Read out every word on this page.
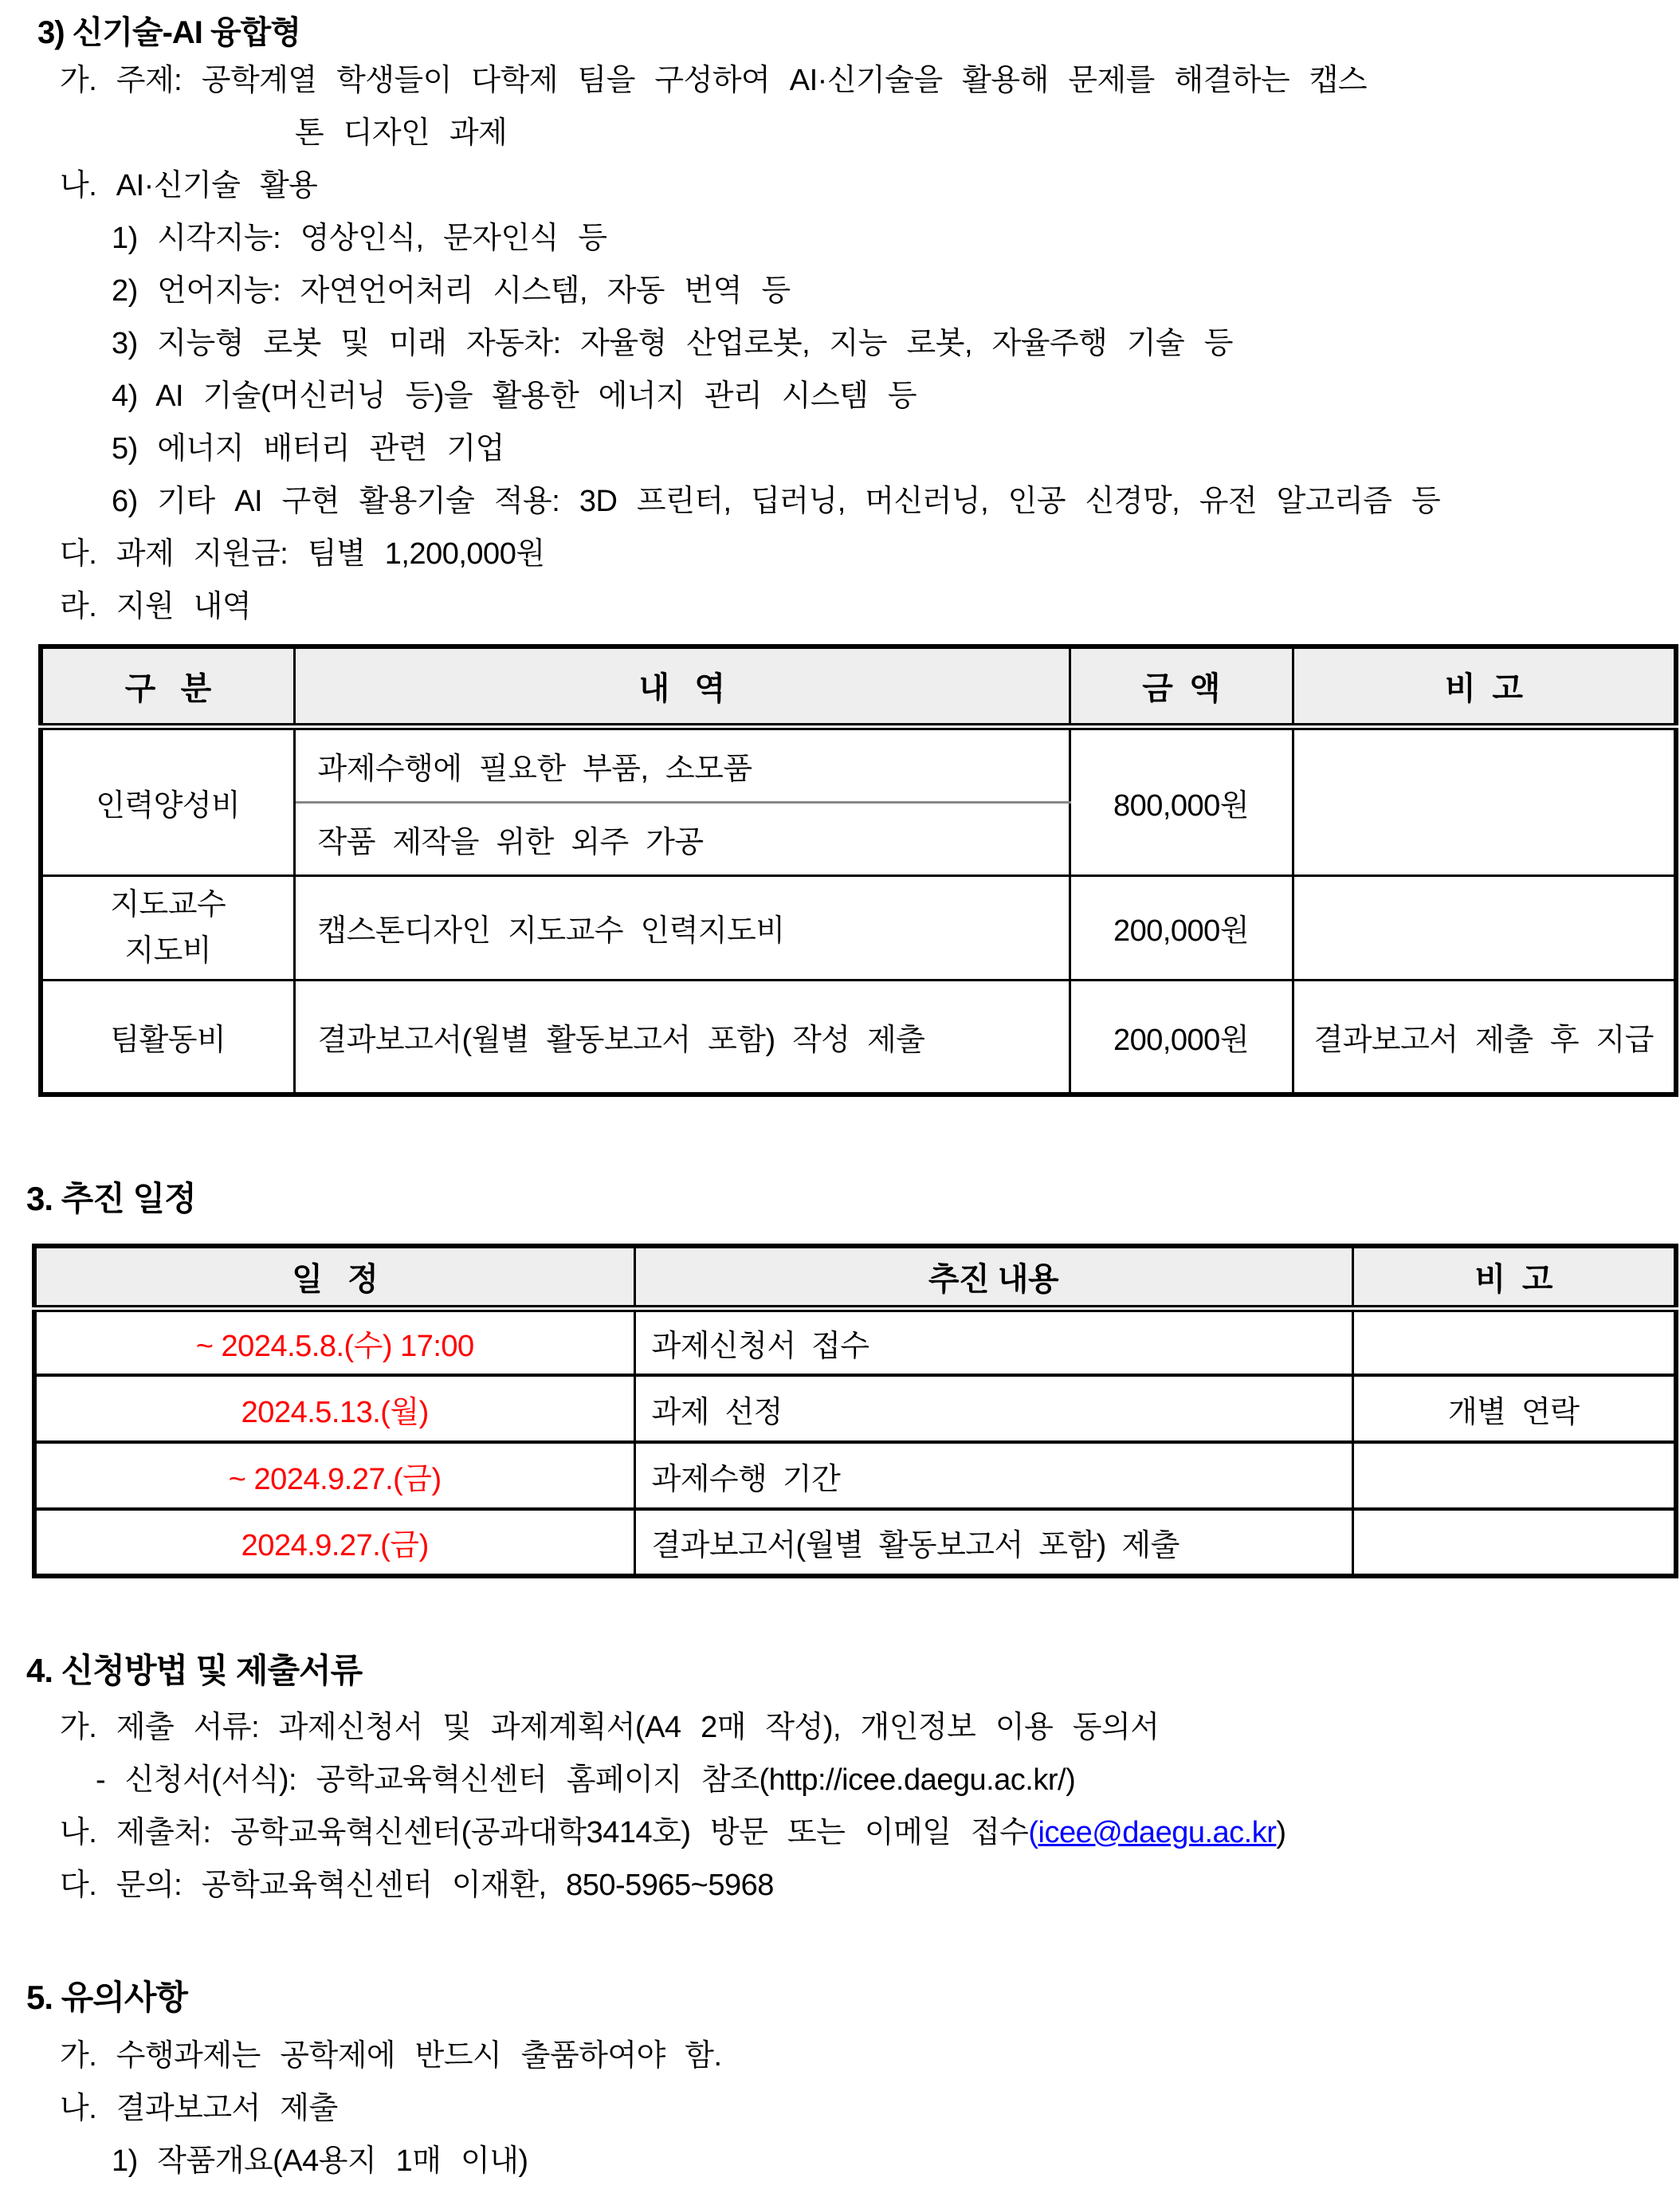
3) 신기술-AI 융합형
가. 주제: 공학계열 학생들이 다학제 팀을 구성하여 AI·신기술을 활용해 문제를 해결하는 캡스
톤 디자인 과제
나. AI·신기술 활용
1) 시각지능: 영상인식, 문자인식 등
2) 언어지능: 자연언어처리 시스템, 자동 번역 등
3) 지능형 로봇 및 미래 자동차: 자율형 산업로봇, 지능 로봇, 자율주행 기술 등
4) AI 기술(머신러닝 등)을 활용한 에너지 관리 시스템 등
5) 에너지 배터리 관련 기업
6) 기타 AI 구현 활용기술 적용: 3D 프린터, 딥러닝, 머신러닝, 인공 신경망, 유전 알고리즘 등
다. 과제 지원금: 팀별 1,200,000원
라. 지원 내역
구   분	내   역	금  액	비  고
인력양성비	과제수행에 필요한 부품, 소모품	800,000원	
	작품 제작을 위한 외주 가공		

지도교수
지도비	캡스톤디자인 지도교수 인력지도비	200,000원	
팀활동비	결과보고서(월별 활동보고서 포함) 작성 제출	200,000원	결과보고서 제출 후 지급
3. 추진 일정
일   정	추진 내용	비  고
~ 2024.5.8.(수) 17:00	과제신청서 접수	
2024.5.13.(월)	과제 선정	개별 연락
~ 2024.9.27.(금)	과제수행 기간	
2024.9.27.(금)	결과보고서(월별 활동보고서 포함) 제출	
4. 신청방법 및 제출서류
가. 제출 서류: 과제신청서 및 과제계획서(A4 2매 작성), 개인정보 이용 동의서
- 신청서(서식): 공학교육혁신센터 홈페이지 참조(http://icee.daegu.ac.kr/)
나. 제출처: 공학교육혁신센터(공과대학3414호) 방문 또는 이메일 접수(icee@daegu.ac.kr)
다. 문의: 공학교육혁신센터 이재환, 850-5965~5968
5. 유의사항
가. 수행과제는 공학제에 반드시 출품하여야 함.
나. 결과보고서 제출
1) 작품개요(A4용지 1매 이내)
